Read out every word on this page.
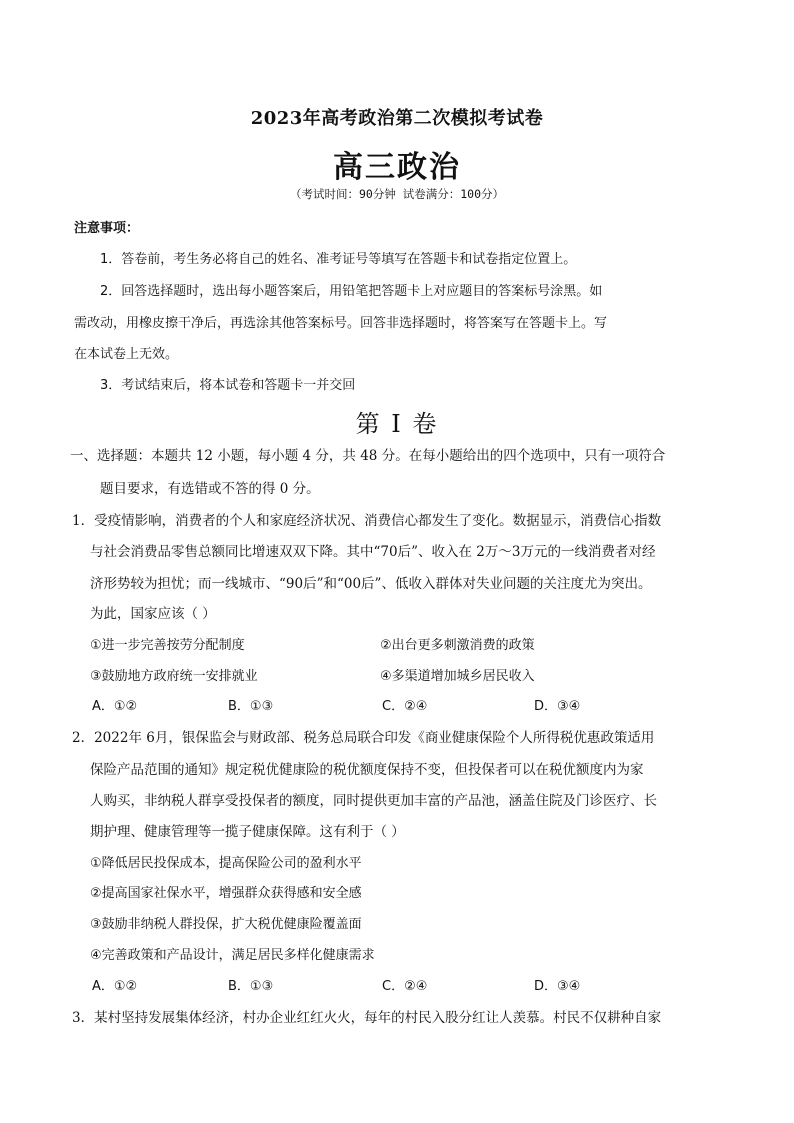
2023年高考政治第二次模拟考试卷
高三政治
（考试时间：90分钟 试卷满分：100分）
注意事项：
1．答卷前，考生务必将自己的姓名、准考证号等填写在答题卡和试卷指定位置上。
2．回答选择题时，选出每小题答案后，用铅笔把答题卡上对应题目的答案标号涂黑。如
需改动，用橡皮擦干净后，再选涂其他答案标号。回答非选择题时，将答案写在答题卡上。写
在本试卷上无效。
3．考试结束后，将本试卷和答题卡一并交回
第 I 卷
一、选择题：本题共 12 小题，每小题 4 分，共 48 分。在每小题给出的四个选项中，只有一项符合
题目要求，有选错或不答的得 0 分。
1．受疫情影响，消费者的个人和家庭经济状况、消费信心都发生了变化。数据显示，消费信心指数
与社会消费品零售总额同比增速双双下降。其中“70后”、收入在 2万～3万元的一线消费者对经
济形势较为担忧；而一线城市、“90后”和“00后”、低收入群体对失业问题的关注度尤为突出。
为此，国家应该（ ）
①进一步完善按劳分配制度	②出台更多刺激消费的政策
③鼓励地方政府统一安排就业	④多渠道增加城乡居民收入
A．①②	B．①③	C．②④	D．③④
2．2022年 6月，银保监会与财政部、税务总局联合印发《商业健康保险个人所得税优惠政策适用
保险产品范围的通知》规定税优健康险的税优额度保持不变，但投保者可以在税优额度内为家
人购买，非纳税人群享受投保者的额度，同时提供更加丰富的产品池，涵盖住院及门诊医疗、长
期护理、健康管理等一揽子健康保障。这有利于（ ）
①降低居民投保成本，提高保险公司的盈利水平
②提高国家社保水平，增强群众获得感和安全感
③鼓励非纳税人群投保，扩大税优健康险覆盖面
④完善政策和产品设计，满足居民多样化健康需求
A．①②	B．①③	C．②④	D．③④
3．某村坚持发展集体经济，村办企业红红火火，每年的村民入股分红让人羡慕。村民不仅耕种自家
